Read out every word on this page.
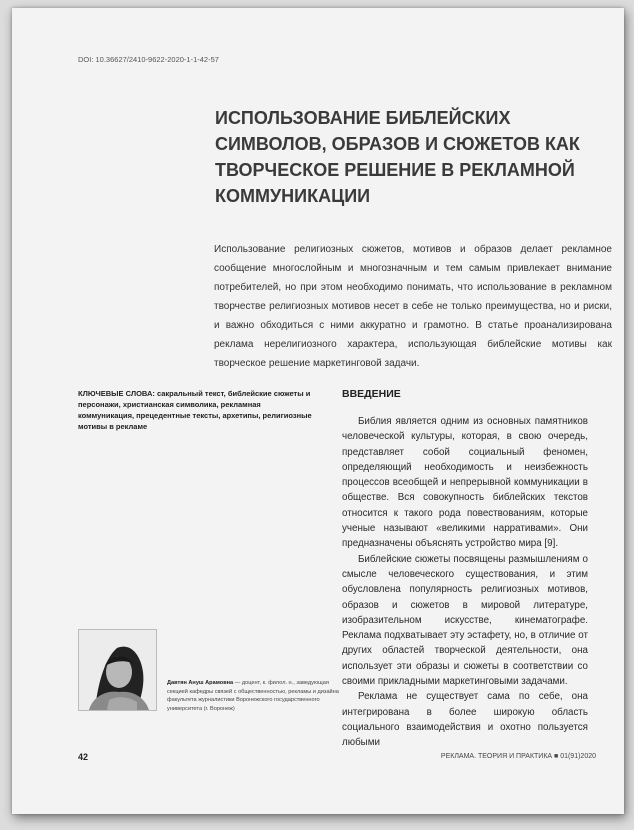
DOI: 10.36627/2410-9622-2020-1-1-42-57
ИСПОЛЬЗОВАНИЕ БИБЛЕЙСКИХ СИМВОЛОВ, ОБРАЗОВ И СЮЖЕТОВ КАК ТВОРЧЕСКОЕ РЕШЕНИЕ В РЕКЛАМНОЙ КОММУНИКАЦИИ
Использование религиозных сюжетов, мотивов и образов делает рекламное сообщение многослойным и многозначным и тем самым привлекает внимание потребителей, но при этом необходимо понимать, что использование в рекламном творчестве религиозных мотивов несет в себе не только преимущества, но и риски, и важно обходиться с ними аккуратно и грамотно. В статье проанализирована реклама нерелигиозного характера, использующая библейские мотивы как творческое решение маркетинговой задачи.
КЛЮЧЕВЫЕ СЛОВА: сакральный текст, библейские сюжеты и персонажи, христианская символика, рекламная коммуникация, прецедентные тексты, архетипы, религиозные мотивы в рекламе
ВВЕДЕНИЕ

Библия является одним из основных памятников человеческой культуры, которая, в свою очередь, представляет собой социальный феномен, определяющий необходимость и неизбежность процессов всеобщей и непрерывной коммуникации в обществе. Вся совокупность библейских текстов относится к такого рода повествованиям, которые ученые называют «великими нарративами». Они предназначены объяснять устройство мира [9].

Библейские сюжеты посвящены размышлениям о смысле человеческого существования, и этим обусловлена популярность религиозных мотивов, образов и сюжетов в мировой литературе, изобразительном искусстве, кинематографе. Реклама подхватывает эту эстафету, но, в отличие от других областей творческой деятельности, она использует эти образы и сюжеты в соответствии со своими прикладными маркетинговыми задачами.

Реклама не существует сама по себе, она интегрирована в более широкую область социального взаимодействия и охотно пользуется любыми

Давтян Ануш Арамовна — доцент, к. филол. н., заведующая секцией кафедры связей с общественностью, рекламы и дизайна факультета журналистики Воронежского государственного университета (г. Воронеж)
42	РЕКЛАМА. ТЕОРИЯ И ПРАКТИКА ■ 01(91)2020
